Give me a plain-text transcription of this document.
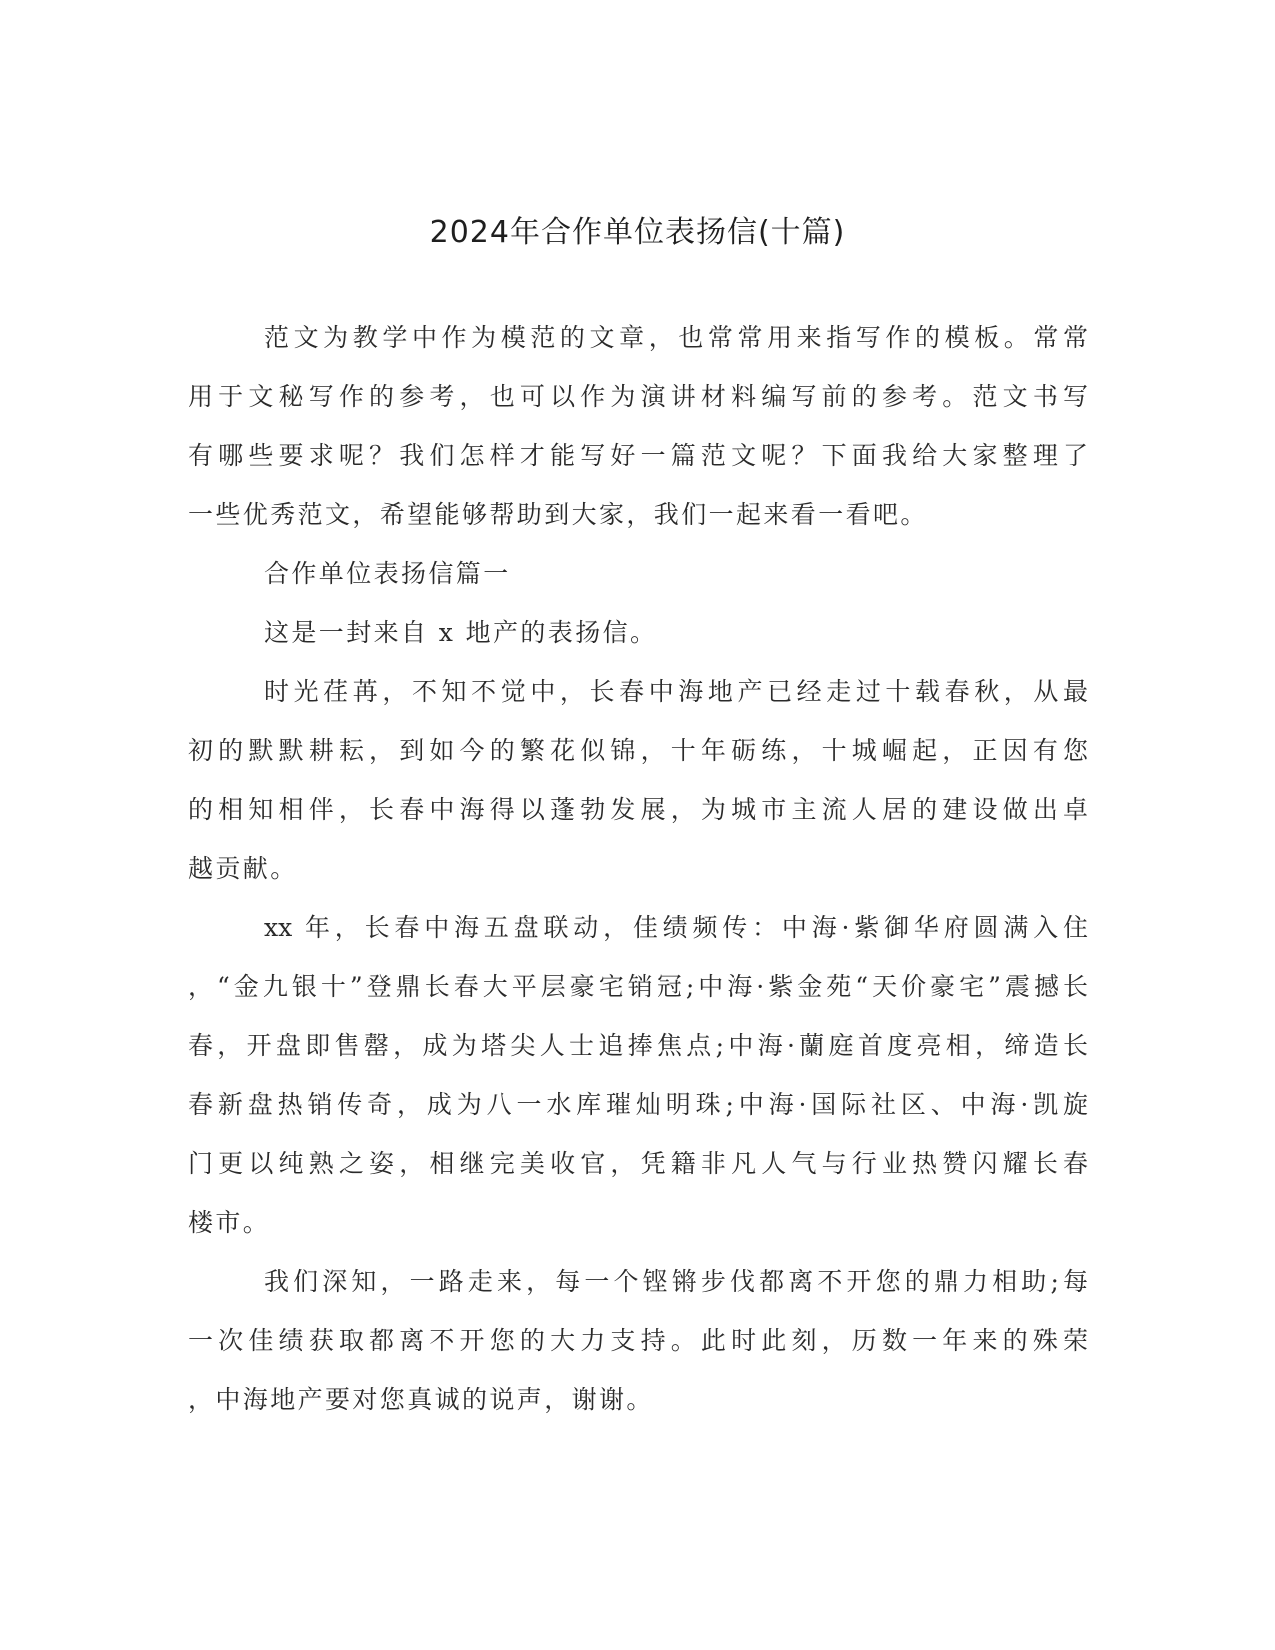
2024年合作单位表扬信(十篇)
范文为教学中作为模范的文章，也常常用来指写作的模板。常常
用于文秘写作的参考，也可以作为演讲材料编写前的参考。范文书写
有哪些要求呢？我们怎样才能写好一篇范文呢？下面我给大家整理了
一些优秀范文，希望能够帮助到大家，我们一起来看一看吧。
合作单位表扬信篇一
这是一封来自 x 地产的表扬信。
时光荏苒，不知不觉中，长春中海地产已经走过十载春秋，从最
初的默默耕耘，到如今的繁花似锦，十年砺练，十城崛起，正因有您
的相知相伴，长春中海得以蓬勃发展，为城市主流人居的建设做出卓
越贡献。
xx 年，长春中海五盘联动，佳绩频传：中海·紫御华府圆满入住
，“金九银十”登鼎长春大平层豪宅销冠;中海·紫金苑“天价豪宅”震撼长
春，开盘即售罄，成为塔尖人士追捧焦点;中海·蘭庭首度亮相，缔造长
春新盘热销传奇，成为八一水库璀灿明珠;中海·国际社区、中海·凯旋
门更以纯熟之姿，相继完美收官，凭籍非凡人气与行业热赞闪耀长春
楼市。
我们深知，一路走来，每一个铿锵步伐都离不开您的鼎力相助;每
一次佳绩获取都离不开您的大力支持。此时此刻，历数一年来的殊荣
，中海地产要对您真诚的说声，谢谢。
